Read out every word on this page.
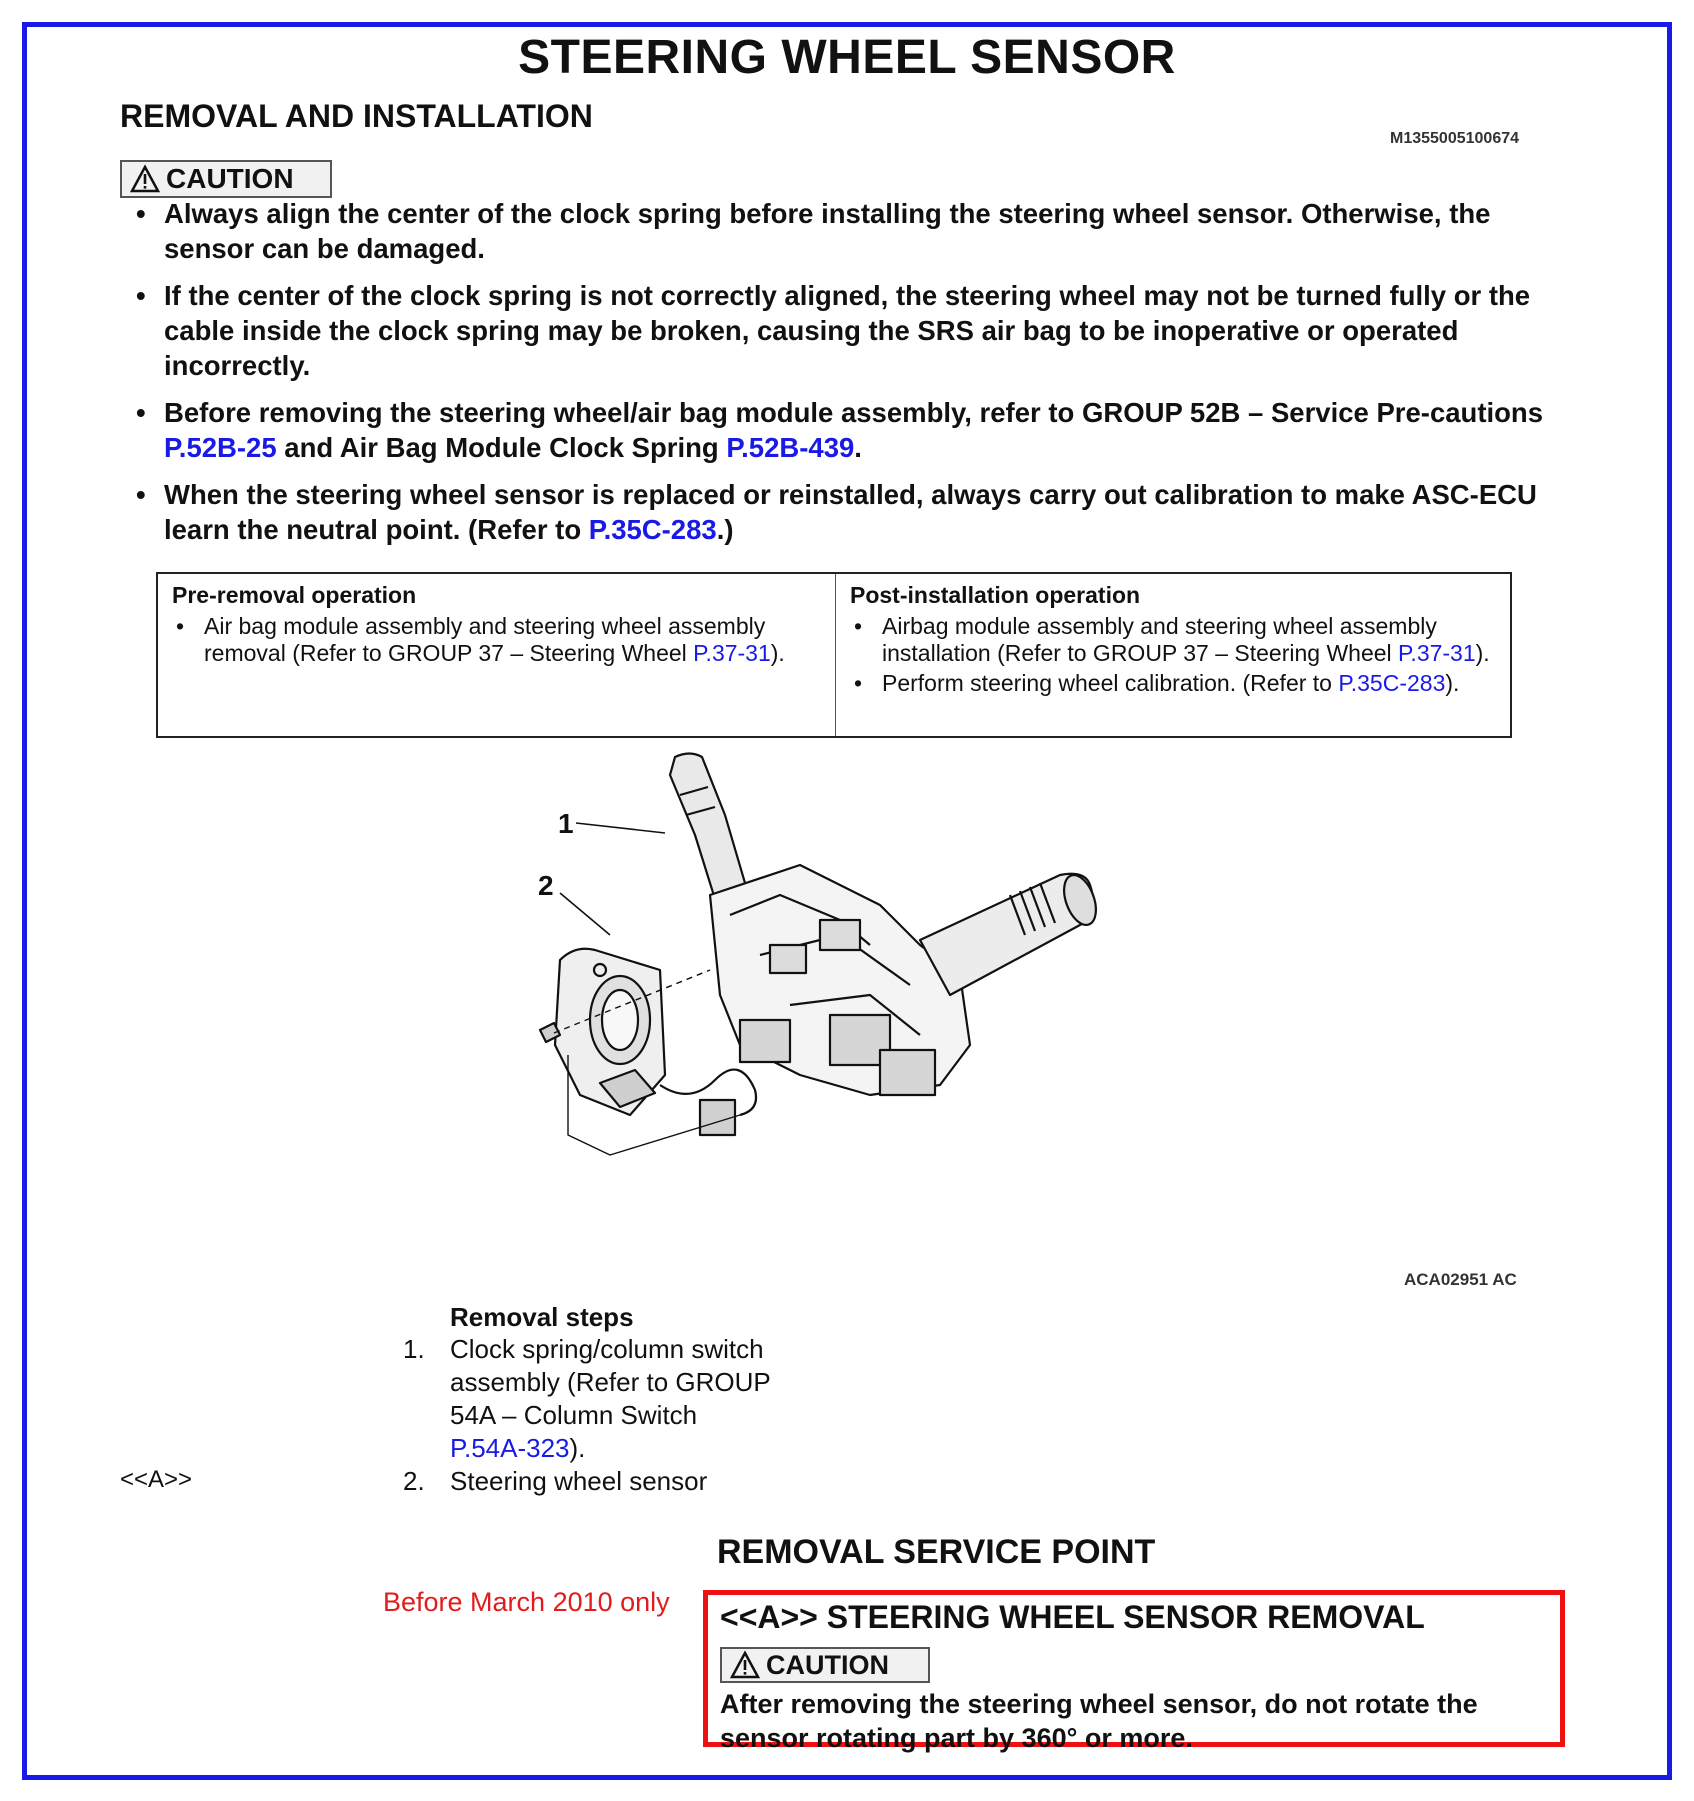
STEERING WHEEL SENSOR
REMOVAL AND INSTALLATION
M1355005100674
CAUTION
• Always align the center of the clock spring before installing the steering wheel sensor. Otherwise, the sensor can be damaged.
• If the center of the clock spring is not correctly aligned, the steering wheel may not be turned fully or the cable inside the clock spring may be broken, causing the SRS air bag to be inoperative or operated incorrectly.
• Before removing the steering wheel/air bag module assembly, refer to GROUP 52B – Service Pre-cautions P.52B-25 and Air Bag Module Clock Spring P.52B-439.
• When the steering wheel sensor is replaced or reinstalled, always carry out calibration to make ASC-ECU learn the neutral point. (Refer to P.35C-283.)
Pre-removal operation
• Air bag module assembly and steering wheel assembly removal (Refer to GROUP 37 – Steering Wheel P.37-31).
Post-installation operation
• Airbag module assembly and steering wheel assembly installation (Refer to GROUP 37 – Steering Wheel P.37-31).
• Perform steering wheel calibration. (Refer to P.35C-283).
1
2
ACA02951 AC
Removal steps
1. Clock spring/column switch
assembly (Refer to GROUP
54A – Column Switch
P.54A-323).
<<A>>	2. Steering wheel sensor
REMOVAL SERVICE POINT
Before March 2010 only <<A>> STEERING WHEEL SENSOR REMOVAL
CAUTION
After removing the steering wheel sensor, do not rotate the sensor rotating part by 360° or more.
